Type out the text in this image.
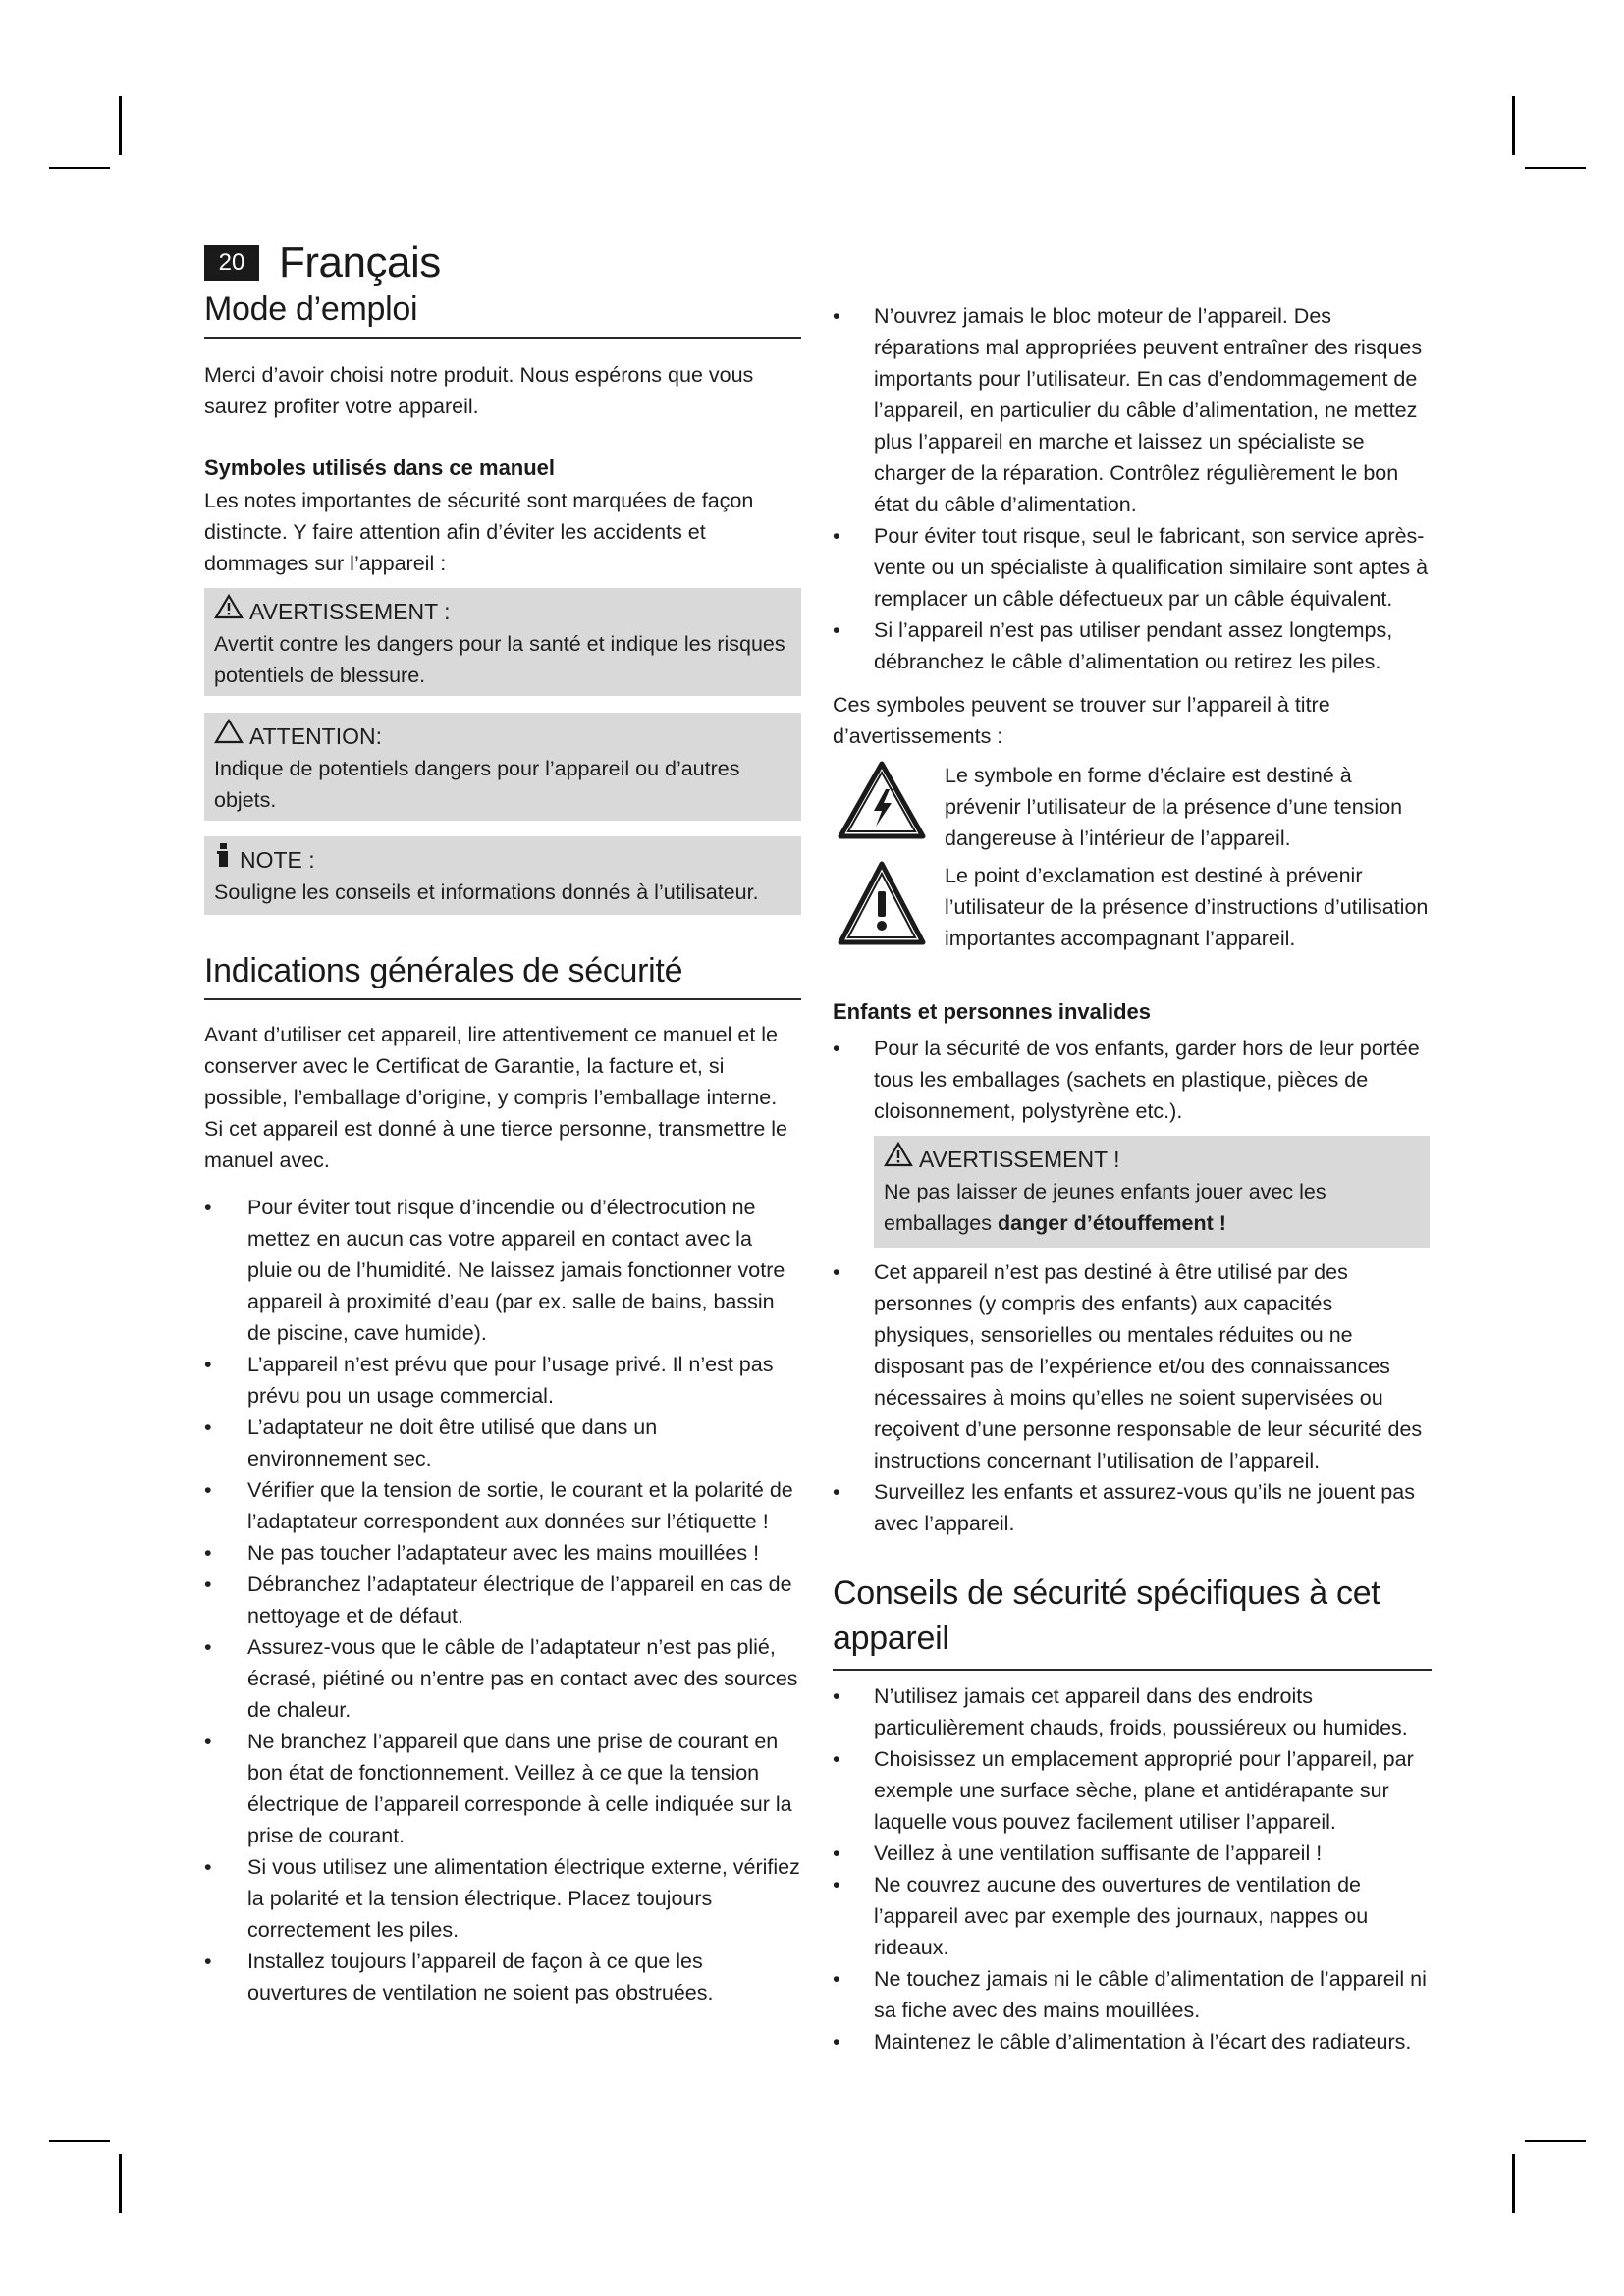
20 Français
Mode d’emploi

Merci d’avoir choisi notre produit. Nous espérons que vous saurez profiter votre appareil.

Symboles utilisés dans ce manuel

Les notes importantes de sécurité sont marquées de façon distincte. Y faire attention afin d’éviter les accidents et dommages sur l’appareil :

AVERTISSEMENT :

Avertit contre les dangers pour la santé et indique les risques potentiels de blessure.

ATTENTION:

Indique de potentiels dangers pour l’appareil ou d’autres objets.

NOTE :

Souligne les conseils et informations donnés à l’utilisateur.

Indications générales de sécurité

Avant d’utiliser cet appareil, lire attentivement ce manuel et le conserver avec le Certificat de Garantie, la facture et, si possible, l’emballage d’origine, y compris l’emballage interne. Si cet appareil est donné à une tierce personne, transmettre le manuel avec.

• Pour éviter tout risque d’incendie ou d’électrocution ne mettez en aucun cas votre appareil en contact avec la pluie ou de l’humidité. Ne laissez jamais fonctionner votre appareil à proximité d’eau (par ex. salle de bains, bassin de piscine, cave humide).
• L’appareil n’est prévu que pour l’usage privé. Il n’est pas prévu pou un usage commercial.
• L’adaptateur ne doit être utilisé que dans un environnement sec.
• Vérifier que la tension de sortie, le courant et la polarité de l’adaptateur correspondent aux données sur l’étiquette !
• Ne pas toucher l’adaptateur avec les mains mouillées !
• Débranchez l’adaptateur électrique de l’appareil en cas de nettoyage et de défaut.
• Assurez-vous que le câble de l’adaptateur n’est pas plié, écrasé, piétiné ou n’entre pas en contact avec des sources de chaleur.
• Ne branchez l’appareil que dans une prise de courant en bon état de fonctionnement. Veillez à ce que la tension électrique de l’appareil corresponde à celle indiquée sur la prise de courant.
• Si vous utilisez une alimentation électrique externe, vérifiez la polarité et la tension électrique. Placez toujours correctement les piles.
• Installez toujours l’appareil de façon à ce que les ouvertures de ventilation ne soient pas obstruées.
• N’ouvrez jamais le bloc moteur de l’appareil. Des réparations mal appropriées peuvent entraîner des risques importants pour l’utilisateur. En cas d’endommagement de l’appareil, en particulier du câble d’alimentation, ne mettez plus l’appareil en marche et laissez un spécialiste se charger de la réparation. Contrôlez régulièrement le bon état du câble d’alimentation.
• Pour éviter tout risque, seul le fabricant, son service après-vente ou un spécialiste à qualification similaire sont aptes à remplacer un câble défectueux par un câble équivalent.
• Si l’appareil n’est pas utiliser pendant assez longtemps, débranchez le câble d’alimentation ou retirez les piles.

Ces symboles peuvent se trouver sur l’appareil à titre d’avertissements :

Le symbole en forme d’éclaire est destiné à prévenir l’utilisateur de la présence d’une tension dangereuse à l’intérieur de l’appareil.

Le point d’exclamation est destiné à prévenir l’utilisateur de la présence d’instructions d’utilisation importantes accompagnant l’appareil.

Enfants et personnes invalides
• Pour la sécurité de vos enfants, garder hors de leur portée tous les emballages (sachets en plastique, pièces de cloisonnement, polystyrène etc.).
AVERTISSEMENT !

Ne pas laisser de jeunes enfants jouer avec les emballages danger d’étouffement !

• Cet appareil n’est pas destiné à être utilisé par des personnes (y compris des enfants) aux capacités physiques, sensorielles ou mentales réduites ou ne disposant pas de l’expérience et/ou des connaissances nécessaires à moins qu’elles ne soient supervisées ou reçoivent d’une personne responsable de leur sécurité des instructions concernant l’utilisation de l’appareil.
• Surveillez les enfants et assurez-vous qu’ils ne jouent pas avec l’appareil.
Conseils de sécurité spécifiques à cet
appareil
• N’utilisez jamais cet appareil dans des endroits particulièrement chauds, froids, poussiéreux ou humides.
• Choisissez un emplacement approprié pour l’appareil, par exemple une surface sèche, plane et antidérapante sur laquelle vous pouvez facilement utiliser l’appareil.
• Veillez à une ventilation suffisante de l’appareil !
• Ne couvrez aucune des ouvertures de ventilation de l’appareil avec par exemple des journaux, nappes ou rideaux.
• Ne touchez jamais ni le câble d’alimentation de l’appareil ni sa fiche avec des mains mouillées.
• Maintenez le câble d’alimentation à l’écart des radiateurs.
